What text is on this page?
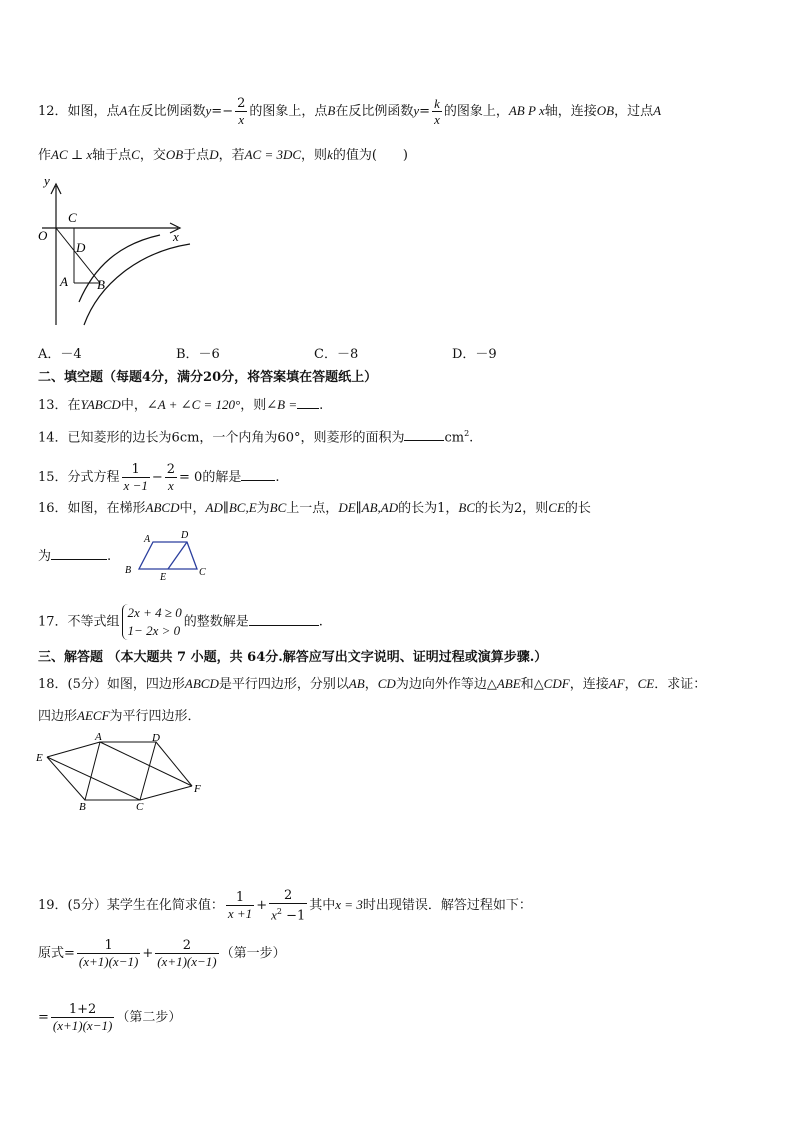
12．如图，点A在反比例函数$y=- \frac{2}{x}$ 的图象上，点B在反比例函数$y= \frac{k}{x}$ 的图象上，AB P x轴，连接OB，过点A
作AC ⊥ x轴于点C，交OB于点D，若AC = 3DC，则k的值为(　　)
y
C
O	x
D
A B
A．－4	B．－6	C．－8	D．－9
二、填空题（每题4分，满分20分，将答案填在答题纸上）
13．在YABCD中，∠A + ∠C = 120°，则∠B = .
14．已知菱形的边长为6cm，一个内角为60°，则菱形的面积为	$cm^2$.
15．分式方程 $\frac{1}{x -1} - \frac{2}{x} = 0$的解是	.
16．如图，在梯形ABCD中，AD∥BC,E为BC上一点，DE∥AB,AD的长为1，BC的长为2，则CE的长
为	.
A	D
B
E	C
17．不等式组
2x + 4 ≥ 0
1− 2x > 0
的整数解是	.
三、解答题 （本大题共 7 小题，共 64分.解答应写出文字说明、证明过程或演算步骤.）
18．(5分）如图，四边形ABCD是平行四边形，分别以AB，CD为边向外作等边△ABE和△CDF，连接AF，CE．求证：
四边形AECF为平行四边形．
A	D
E
F
B	C
19．(5分）某学生在化简求值： $\frac{1}{x +1} + \frac{2}{x^2 -1}$ 其中x = 3时出现错误．解答过程如下：
原式= $\frac{1}{(x+1)(x-1)} + \frac{2}{(x+1)(x-1)}$ （第一步）
= $\frac{1+2}{(x+1)(x-1)}$ （第二步）
